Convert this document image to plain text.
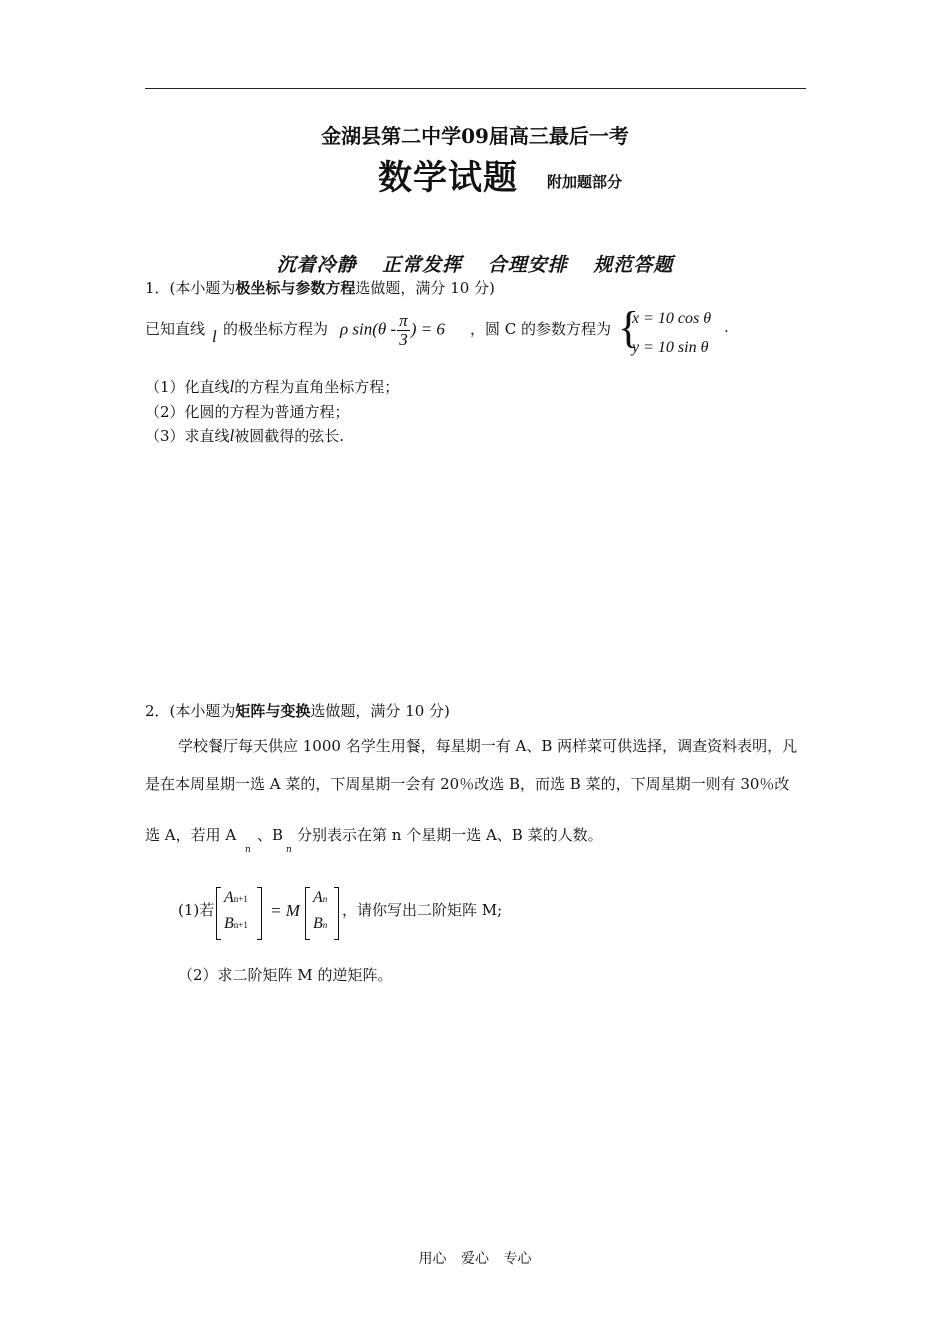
金湖县第二中学09届高三最后一考
数学试题 附加题部分
沉着冷静 正常发挥 合理安排 规范答题
1．(本小题为极坐标与参数方程选做题，满分 10 分)
已知直线 l 的极坐标方程为 ρ $\sin(\theta - \frac{\pi}{3}$ ) = 6 ，圆 C 的参数方程为 {
x = 10 cos θ
y = 10 sin θ
.
（1）化直线l的方程为直角坐标方程；
（2）化圆的方程为普通方程；
（3）求直线l被圆截得的弦长.
2．(本小题为矩阵与变换选做题，满分 10 分)
学校餐厅每天供应 1000 名学生用餐，每星期一有 A、B 两样菜可供选择，调查资料表明，凡
是在本周星期一选 A 菜的，下周星期一会有 20％改选 B，而选 B 菜的，下周星期一则有 30％改
选 A，若用 A
n
、B
n
分别表示在第 n 个星期一选 A、B 菜的人数。
(1)若
An+1
Bn+1
= M
An
Bn
，请你写出二阶矩阵 M;
（2）求二阶矩阵 M 的逆矩阵。
用心 爱心 专心
